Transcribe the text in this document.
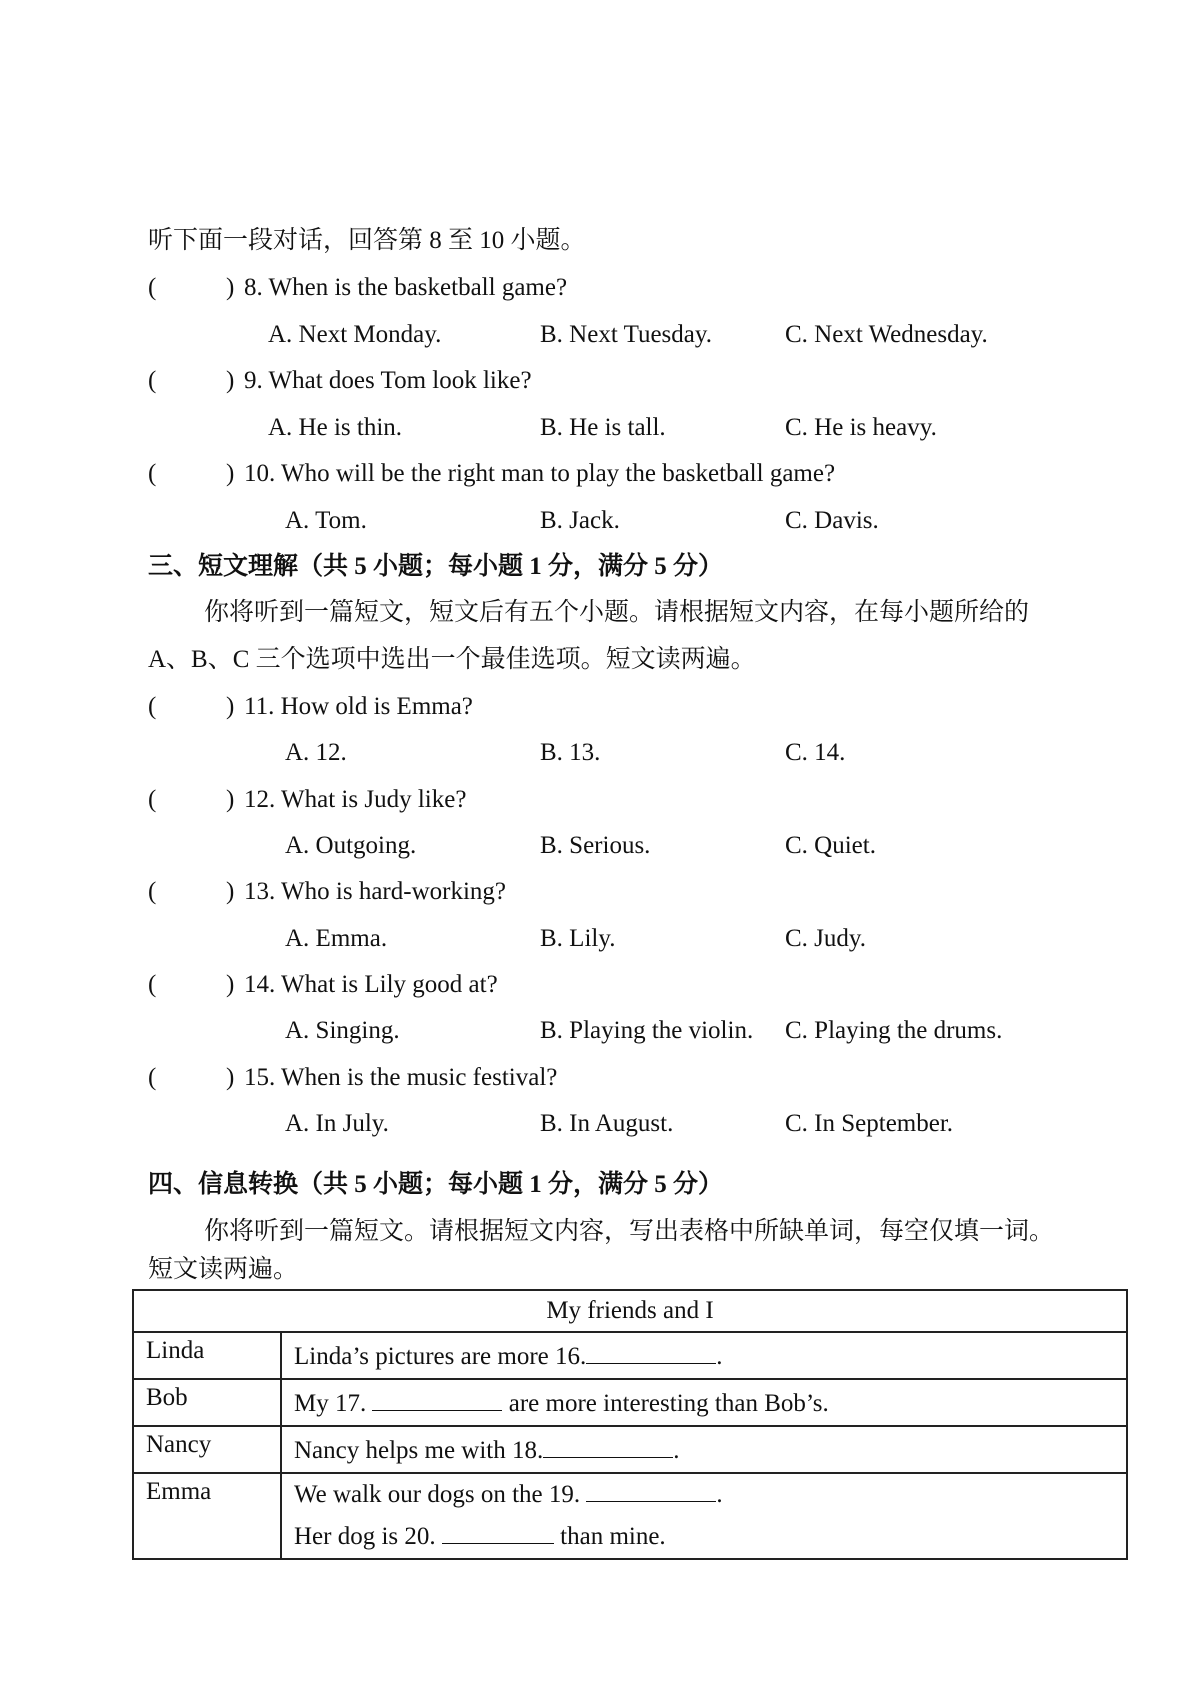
听下面一段对话，回答第 8 至 10 小题。
(	) 8. When is the basketball game?
A. Next Monday.	B. Next Tuesday.	C. Next Wednesday.
(	) 9. What does Tom look like?
A. He is thin.	B. He is tall.	C. He is heavy.
(	) 10. Who will be the right man to play the basketball game?
A. Tom.	B. Jack.	C. Davis.
三、短文理解（共 5 小题；每小题 1 分，满分 5 分）
你将听到一篇短文，短文后有五个小题。请根据短文内容，在每小题所给的
A、B、C 三个选项中选出一个最佳选项。短文读两遍。
(	) 11. How old is Emma?
A. 12.	B. 13.	C. 14.
(	) 12. What is Judy like?
A. Outgoing.	B. Serious.	C. Quiet.
(	) 13. Who is hard-working?
A. Emma.	B. Lily.	C. Judy.
(	) 14. What is Lily good at?
A. Singing.	B. Playing the violin. C. Playing the drums.
(	) 15. When is the music festival?
A. In July.	B. In August.	C. In September.
四、信息转换（共 5 小题；每小题 1 分，满分 5 分）
你将听到一篇短文。请根据短文内容，写出表格中所缺单词，每空仅填一词。
短文读两遍。
My friends and I	
Linda	Linda’s pictures are more 16. .
Bob	My 17. are more interesting than Bob’s.
Nancy	Nancy helps me with 18. .
Emma	We walk our dogs on the 19. .
Her dog is 20. than mine.
